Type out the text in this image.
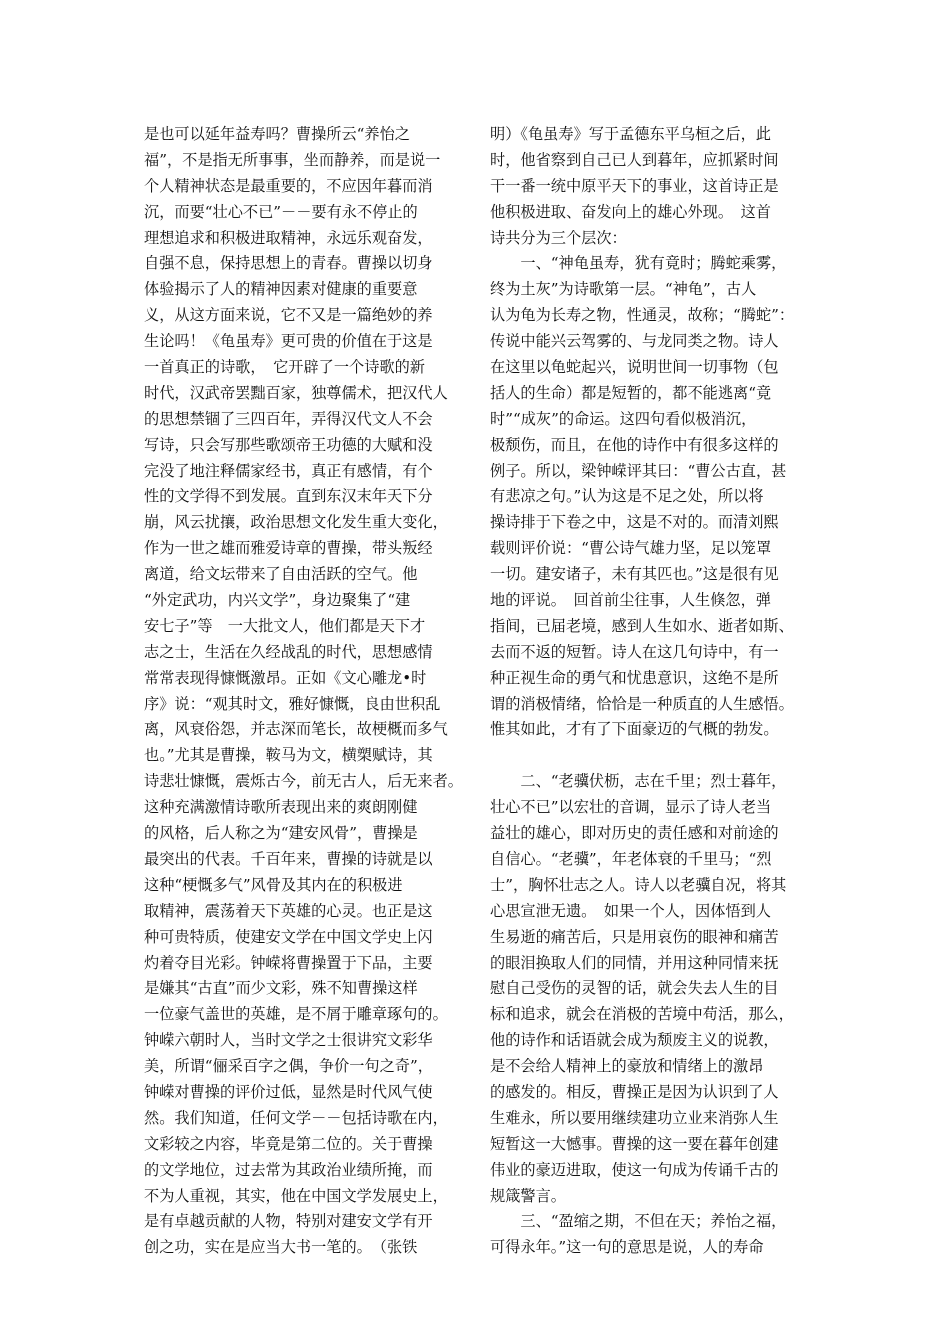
是也可以延年益寿吗？曹操所云“养怡之
福”，不是指无所事事，坐而静养，而是说一
个人精神状态是最重要的，不应因年暮而消
沉，而要“壮心不已”－－要有永不停止的
理想追求和积极进取精神，永远乐观奋发，
自强不息，保持思想上的青春。曹操以切身
体验揭示了人的精神因素对健康的重要意
义，从这方面来说，它不又是一篇绝妙的养
生论吗！《龟虽寿》更可贵的价值在于这是
一首真正的诗歌，　它开辟了一个诗歌的新
时代，汉武帝罢黜百家，独尊儒术，把汉代人
的思想禁锢了三四百年，弄得汉代文人不会
写诗，只会写那些歌颂帝王功德的大赋和没
完没了地注释儒家经书，真正有感情，有个
性的文学得不到发展。直到东汉末年天下分
崩，风云扰攘，政治思想文化发生重大变化，
作为一世之雄而雅爱诗章的曹操，带头叛经
离道，给文坛带来了自由活跃的空气。他
“外定武功，内兴文学”，身边聚集了“建
安七子”等　一大批文人，他们都是天下才
志之士，生活在久经战乱的时代，思想感情
常常表现得慷慨激昂。正如《文心雕龙•时
序》说：“观其时文，雅好慷慨，良由世积乱
离，风衰俗怨，并志深而笔长，故梗概而多气
也。”尤其是曹操，鞍马为文，横槊赋诗，其
诗悲壮慷慨，震烁古今，前无古人，后无来者。
这种充满激情诗歌所表现出来的爽朗刚健
的风格，后人称之为“建安风骨”，曹操是
最突出的代表。千百年来，曹操的诗就是以
这种“梗慨多气”风骨及其内在的积极进
取精神，震荡着天下英雄的心灵。也正是这
种可贵特质，使建安文学在中国文学史上闪
灼着夺目光彩。钟嵘将曹操置于下品，主要
是嫌其“古直”而少文彩，殊不知曹操这样
一位豪气盖世的英雄，是不屑于雕章琢句的。
钟嵘六朝时人，当时文学之士很讲究文彩华
美，所谓“俪采百字之偶，争价一句之奇”，
钟嵘对曹操的评价过低，显然是时代风气使
然。我们知道，任何文学－－包括诗歌在内，
文彩较之内容，毕竟是第二位的。关于曹操
的文学地位，过去常为其政治业绩所掩，而
不为人重视，其实，他在中国文学发展史上，
是有卓越贡献的人物，特别对建安文学有开
创之功，实在是应当大书一笔的。　（张铁
明）《龟虽寿》写于孟德东平乌桓之后，此
时，他省察到自己已人到暮年，应抓紧时间
干一番一统中原平天下的事业，这首诗正是
他积极进取、奋发向上的雄心外现。　这首
诗共分为三个层次：
　　一、“神龟虽寿，犹有竟时；腾蛇乘雾，
终为土灰”为诗歌第一层。“神龟”，古人
认为龟为长寿之物，性通灵，故称；“腾蛇”：
传说中能兴云驾雾的、与龙同类之物。诗人
在这里以龟蛇起兴，说明世间一切事物（包
括人的生命）都是短暂的，都不能逃离“竟
时”“成灰”的命运。这四句看似极消沉，
极颓伤，而且，在他的诗作中有很多这样的
例子。所以，梁钟嵘评其曰：“曹公古直，甚
有悲凉之句。”认为这是不足之处，所以将
操诗排于下卷之中，这是不对的。而清刘熙
载则评价说：“曹公诗气雄力坚，足以笼罩
一切。建安诸子，未有其匹也。”这是很有见
地的评说。　回首前尘往事，人生倏忽，弹
指间，已届老境，感到人生如水、逝者如斯、
去而不返的短暂。诗人在这几句诗中，有一
种正视生命的勇气和忧患意识，这绝不是所
谓的消极情绪，恰恰是一种质直的人生感悟。
惟其如此，才有了下面豪迈的气概的勃发。
　　二、“老骥伏枥，志在千里；烈士暮年，
壮心不已”以宏壮的音调，显示了诗人老当
益壮的雄心，即对历史的责任感和对前途的
自信心。“老骥”，年老体衰的千里马；“烈
士”，胸怀壮志之人。诗人以老骥自况，将其
心思宣泄无遗。　如果一个人，因体悟到人
生易逝的痛苦后，只是用哀伤的眼神和痛苦
的眼泪换取人们的同情，并用这种同情来抚
慰自己受伤的灵智的话，就会失去人生的目
标和追求，就会在消极的苦境中苟活，那么，
他的诗作和话语就会成为颓废主义的说教，
是不会给人精神上的豪放和情绪上的激昂
的感发的。相反，曹操正是因为认识到了人
生难永，所以要用继续建功立业来消弥人生
短暂这一大憾事。曹操的这一要在暮年创建
伟业的豪迈进取，使这一句成为传诵千古的
规箴警言。
　　三、“盈缩之期，不但在天；养怡之福，
可得永年。”这一句的意思是说，人的寿命
